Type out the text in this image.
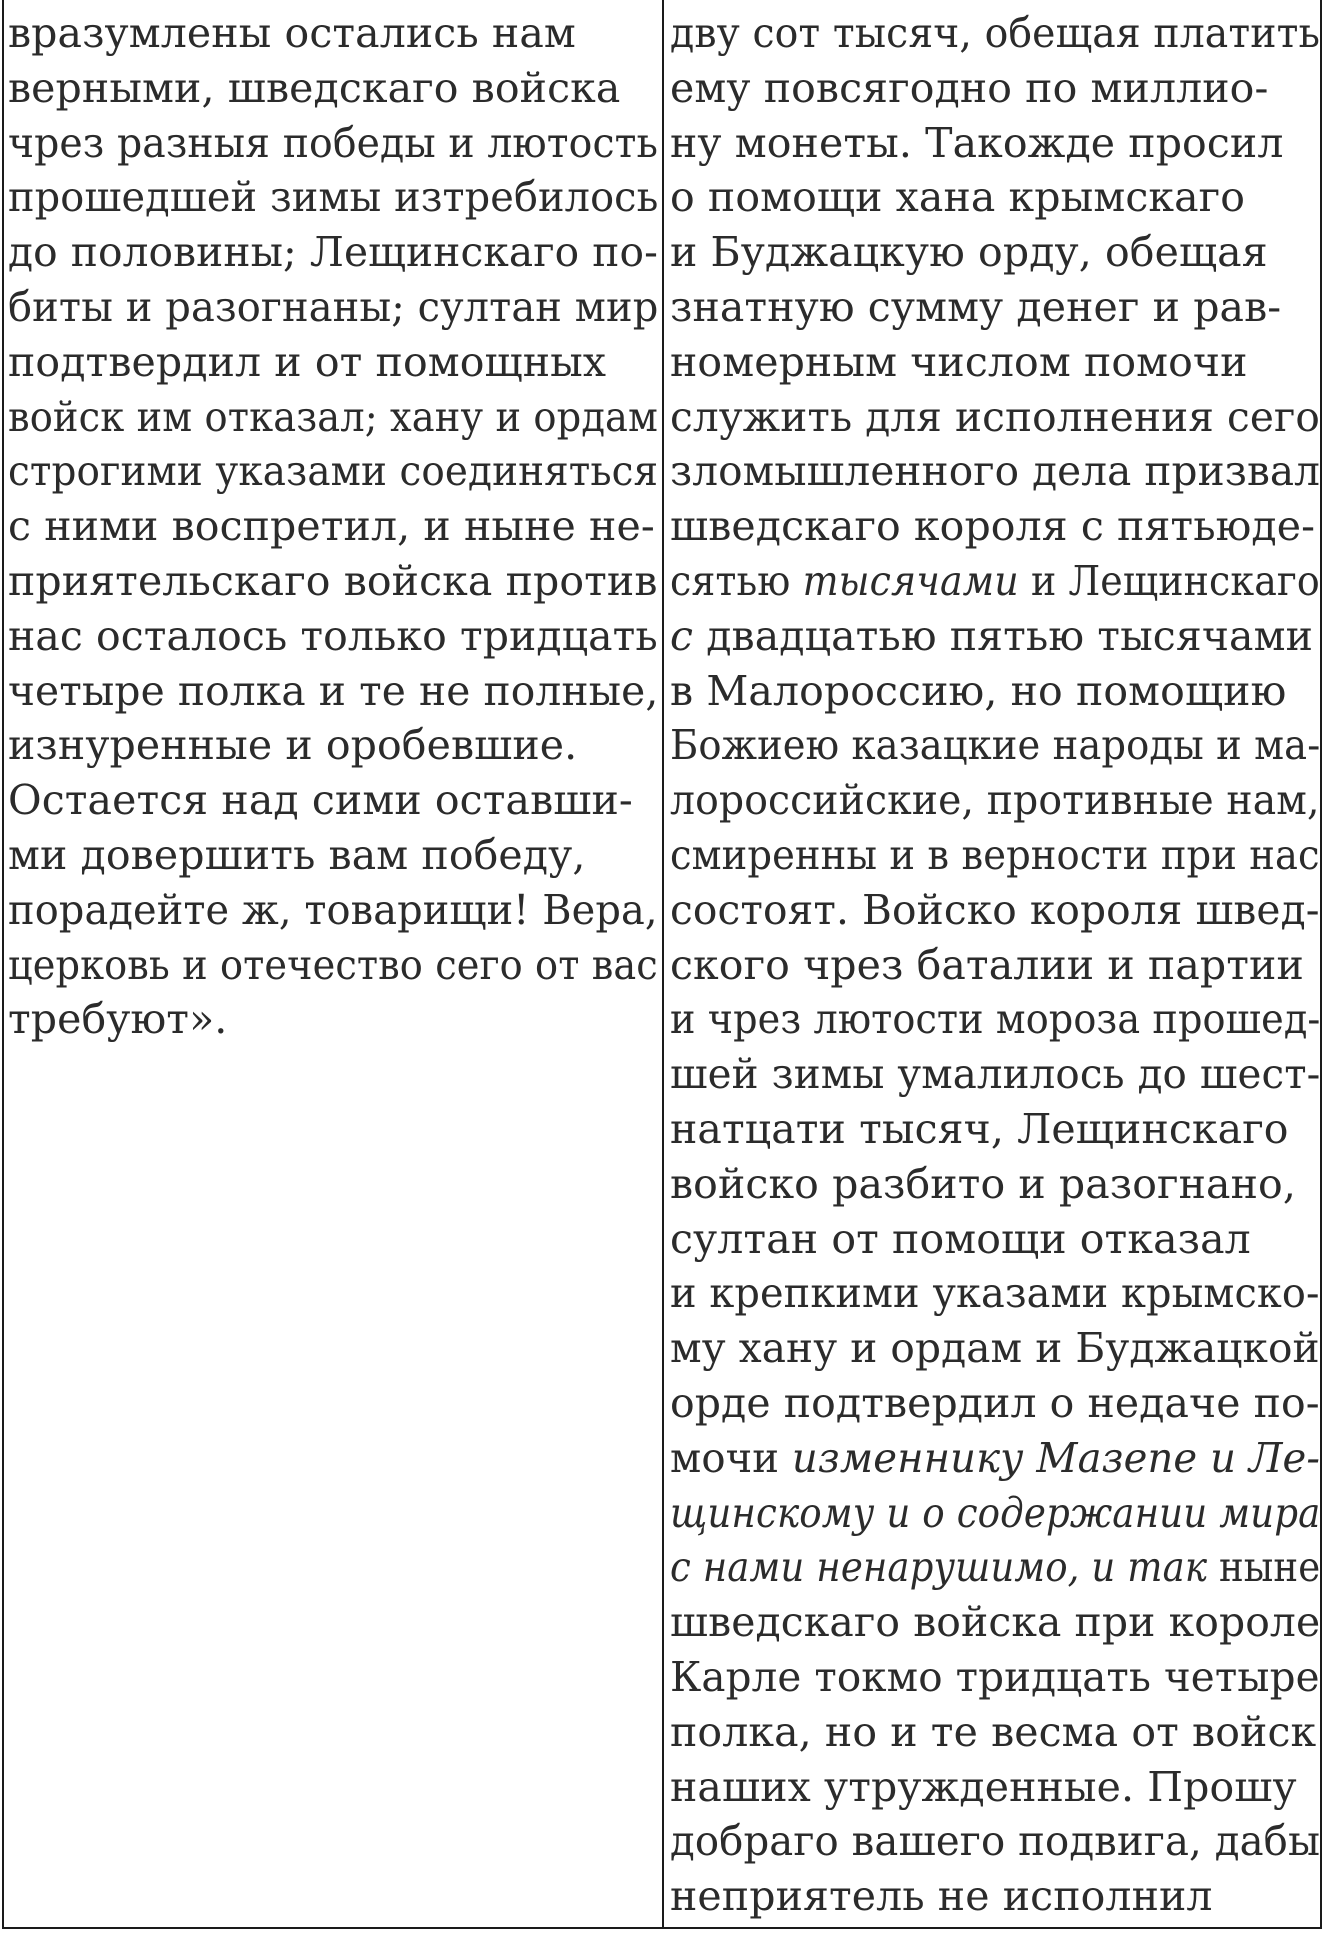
вразумлены остались нам
верными, шведскаго войска
чрез разныя победы и лютость
прошедшей зимы изтребилось
до половины; Лещинскаго по-
биты и разогнаны; султан мир
подтвердил и от помощных
войск им отказал; хану и ордам
строгими указами соединяться
с ними воспретил, и ныне не-
приятельскаго войска против
нас осталось только тридцать
четыре полка и те не полные,
изнуренные и оробевшие.
Остается над сими оставши-
ми довершить вам победу,
порадейте ж, товарищи! Вера,
церковь и отечество сего от вас
требуют».
дву сот тысяч, обещая платить
ему повсягодно по миллио-
ну монеты. Такожде просил
о помощи хана крымскаго
и Буджацкую орду, обещая
знатную сумму денег и рав-
номерным числом помочи
служить для исполнения сего
зломышленного дела призвал
шведскаго короля с пятьюде-
сятью тысячами и Лещинскаго
с двадцатью пятью тысячами
в Малороссию, но помощию
Божиею казацкие народы и ма-
лороссийские, противные нам,
смиренны и в верности при нас
состоят. Войско короля швед-
ского чрез баталии и партии
и чрез лютости мороза прошед-
шей зимы умалилось до шест-
натцати тысяч, Лещинскаго
войско разбито и разогнано,
султан от помощи отказал
и крепкими указами крымско-
му хану и ордам и Буджацкой
орде подтвердил о недаче по-
мочи изменнику Мазепе и Ле-
щинскому и о содержании мира
с нами ненарушимо, и так ныне
шведскаго войска при короле
Карле токмо тридцать четыре
полка, но и те весма от войск
наших утружденные. Прошу
добраго вашего подвига, дабы
неприятель не исполнил
